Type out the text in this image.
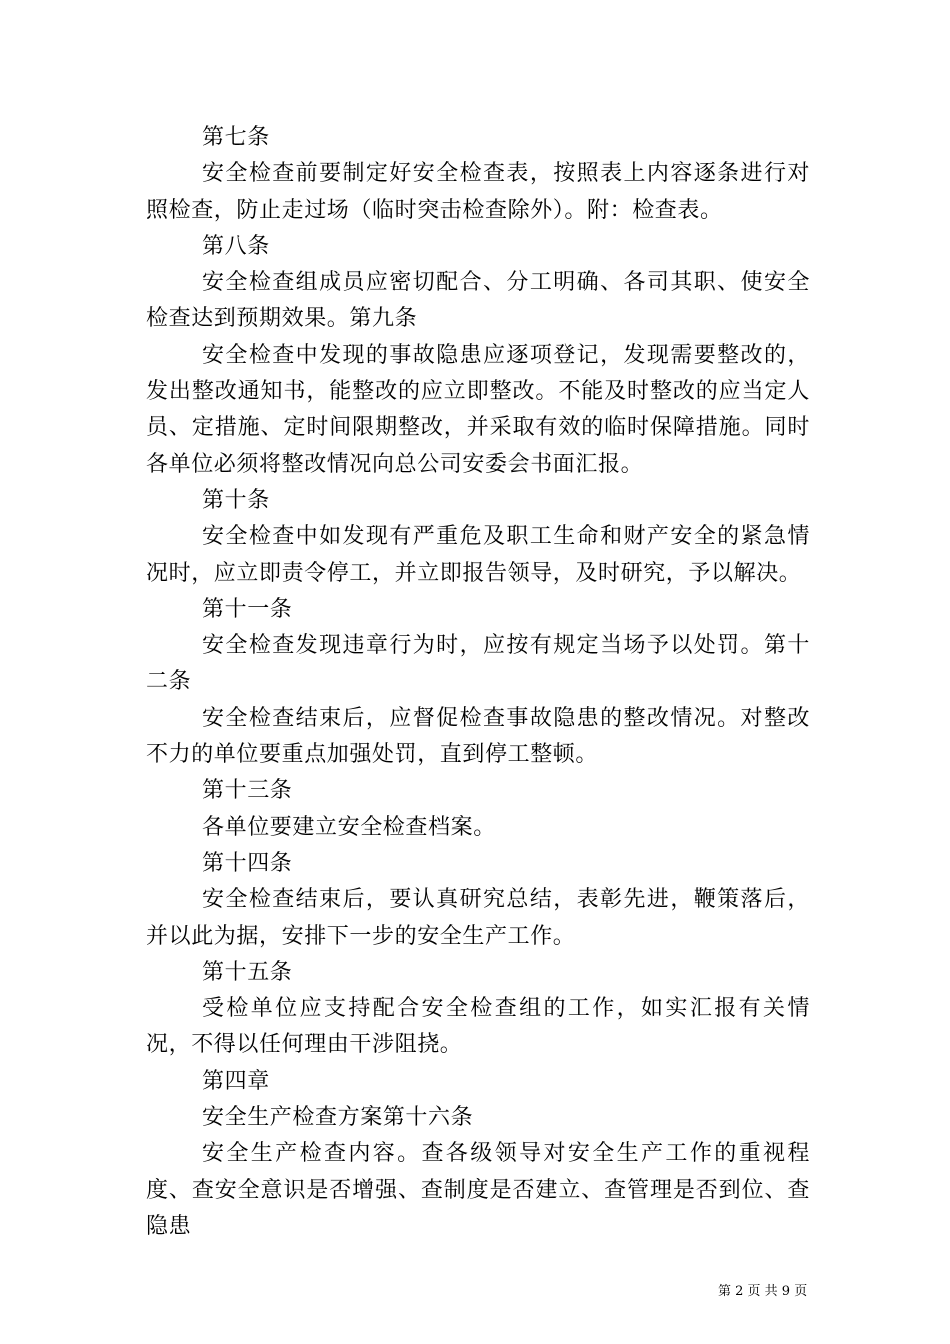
第七条

安全检查前要制定好安全检查表，按照表上内容逐条进行对照检查，防止走过场（临时突击检查除外）。附：检查表。

第八条

安全检查组成员应密切配合、分工明确、各司其职、使安全检查达到预期效果。第九条

安全检查中发现的事故隐患应逐项登记，发现需要整改的，发出整改通知书，能整改的应立即整改。不能及时整改的应当定人员、定措施、定时间限期整改，并采取有效的临时保障措施。同时各单位必须将整改情况向总公司安委会书面汇报。

第十条

安全检查中如发现有严重危及职工生命和财产安全的紧急情况时，应立即责令停工，并立即报告领导，及时研究，予以解决。

第十一条

安全检查发现违章行为时，应按有规定当场予以处罚。第十二条

安全检查结束后，应督促检查事故隐患的整改情况。对整改不力的单位要重点加强处罚，直到停工整顿。

第十三条

各单位要建立安全检查档案。

第十四条

安全检查结束后，要认真研究总结，表彰先进，鞭策落后，并以此为据，安排下一步的安全生产工作。

第十五条

受检单位应支持配合安全检查组的工作，如实汇报有关情况，不得以任何理由干涉阻挠。

第四章

安全生产检查方案第十六条

安全生产检查内容。查各级领导对安全生产工作的重视程度、查安全意识是否增强、查制度是否建立、查管理是否到位、查隐患

第 2 页 共 9 页
